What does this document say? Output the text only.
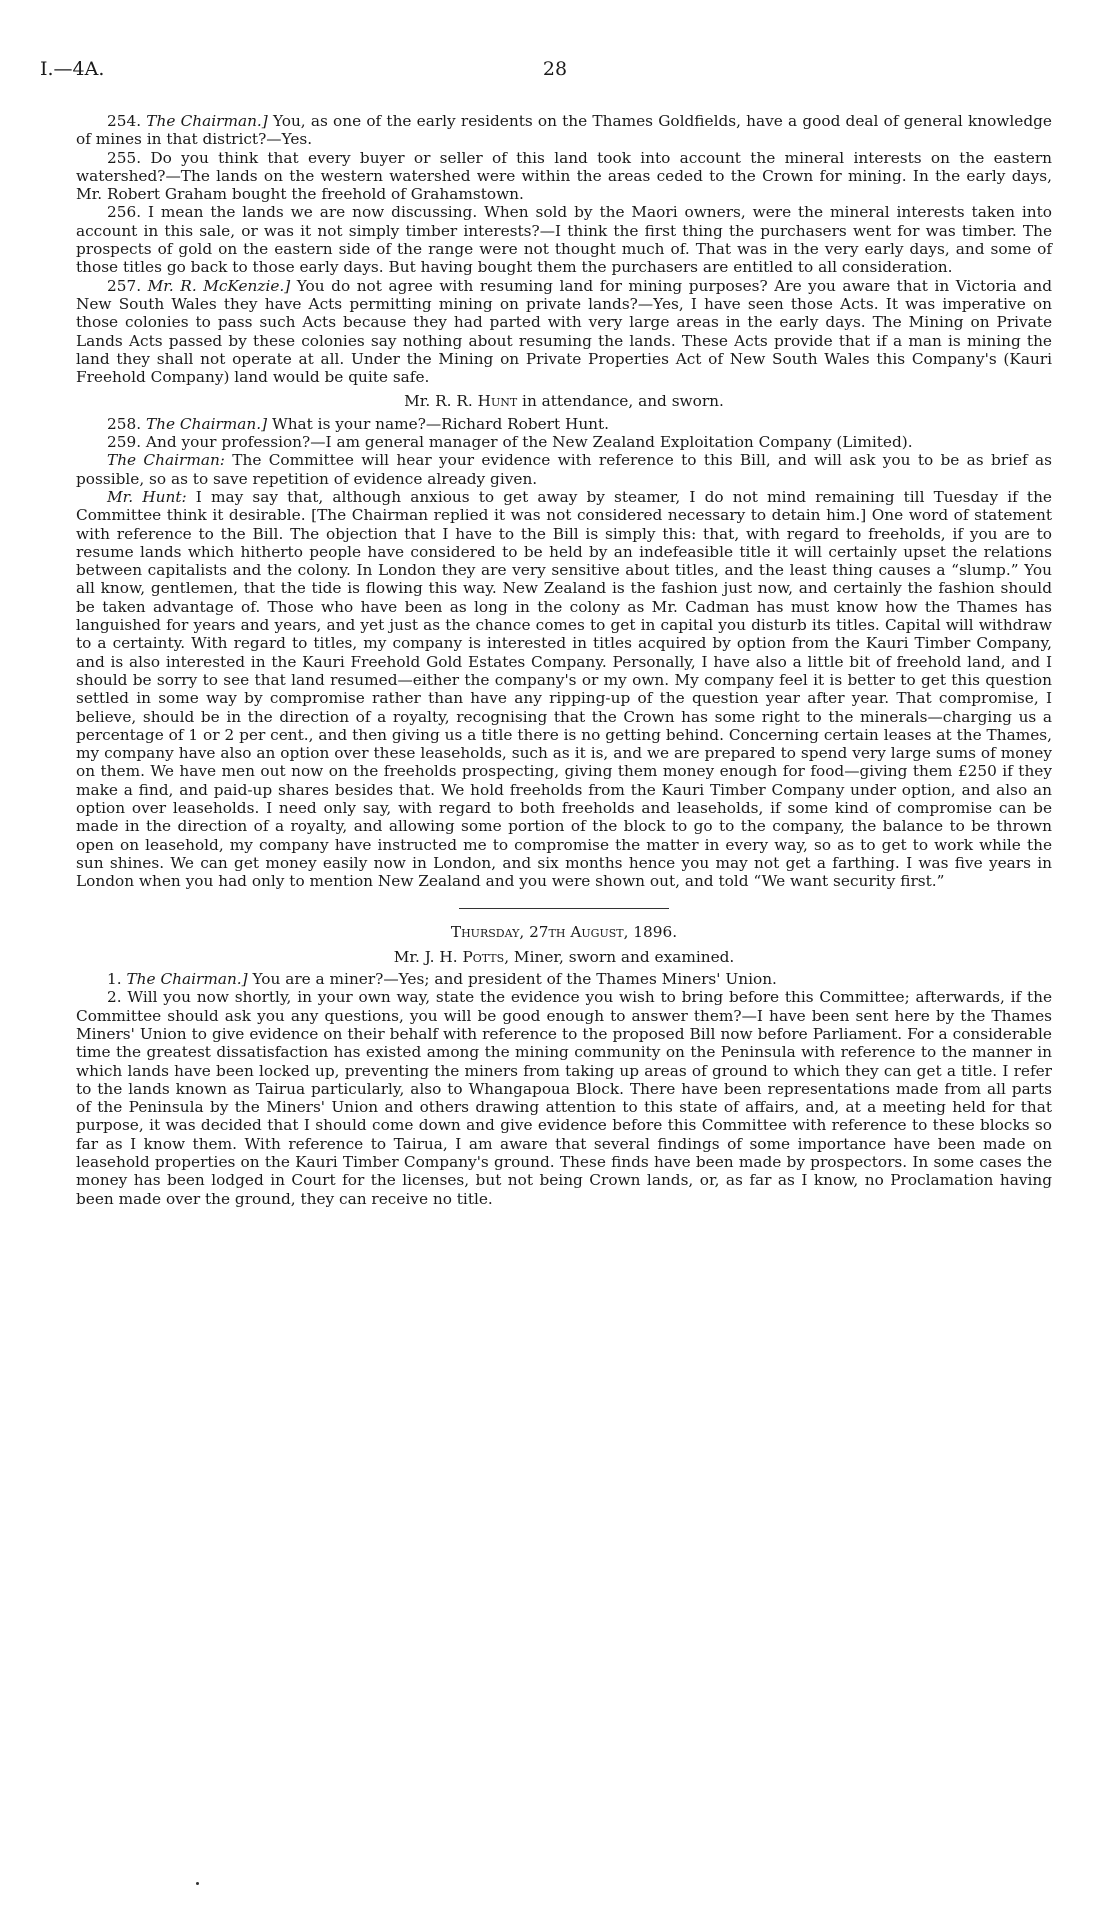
I.—4A.	28

254. The Chairman.] You, as one of the early residents on the Thames Goldfields, have a good deal of general knowledge of mines in that district?—Yes.

255. Do you think that every buyer or seller of this land took into account the mineral interests on the eastern watershed?—The lands on the western watershed were within the areas ceded to the Crown for mining. In the early days, Mr. Robert Graham bought the freehold of Grahamstown.

256. I mean the lands we are now discussing. When sold by the Maori owners, were the mineral interests taken into account in this sale, or was it not simply timber interests?—I think the first thing the purchasers went for was timber. The prospects of gold on the eastern side of the range were not thought much of. That was in the very early days, and some of those titles go back to those early days. But having bought them the purchasers are entitled to all consideration.

257. Mr. R. McKenzie.] You do not agree with resuming land for mining purposes? Are you aware that in Victoria and New South Wales they have Acts permitting mining on private lands?—Yes, I have seen those Acts. It was imperative on those colonies to pass such Acts because they had parted with very large areas in the early days. The Mining on Private Lands Acts passed by these colonies say nothing about resuming the lands. These Acts provide that if a man is mining the land they shall not operate at all. Under the Mining on Private Properties Act of New South Wales this Company's (Kauri Freehold Company) land would be quite safe.

Mr. R. R. Hunt in attendance, and sworn.

258. The Chairman.] What is your name?—Richard Robert Hunt.

259. And your profession?—I am general manager of the New Zealand Exploitation Company (Limited).

The Chairman: The Committee will hear your evidence with reference to this Bill, and will ask you to be as brief as possible, so as to save repetition of evidence already given.

Mr. Hunt: I may say that, although anxious to get away by steamer, I do not mind remaining till Tuesday if the Committee think it desirable. [The Chairman replied it was not considered necessary to detain him.] One word of statement with reference to the Bill. The objection that I have to the Bill is simply this: that, with regard to freeholds, if you are to resume lands which hitherto people have considered to be held by an indefeasible title it will certainly upset the relations between capitalists and the colony. In London they are very sensitive about titles, and the least thing causes a “slump.” You all know, gentlemen, that the tide is flowing this way. New Zealand is the fashion just now, and certainly the fashion should be taken advantage of. Those who have been as long in the colony as Mr. Cadman has must know how the Thames has languished for years and years, and yet just as the chance comes to get in capital you disturb its titles. Capital will withdraw to a certainty. With regard to titles, my company is interested in titles acquired by option from the Kauri Timber Company, and is also interested in the Kauri Freehold Gold Estates Company. Personally, I have also a little bit of freehold land, and I should be sorry to see that land resumed—either the company's or my own. My company feel it is better to get this question settled in some way by compromise rather than have any ripping-up of the question year after year. That compromise, I believe, should be in the direction of a royalty, recognising that the Crown has some right to the minerals—charging us a percentage of 1 or 2 per cent., and then giving us a title there is no getting behind. Concerning certain leases at the Thames, my company have also an option over these leaseholds, such as it is, and we are prepared to spend very large sums of money on them. We have men out now on the freeholds prospecting, giving them money enough for food—giving them £250 if they make a find, and paid-up shares besides that. We hold freeholds from the Kauri Timber Company under option, and also an option over leaseholds. I need only say, with regard to both freeholds and leaseholds, if some kind of compromise can be made in the direction of a royalty, and allowing some portion of the block to go to the company, the balance to be thrown open on leasehold, my company have instructed me to compromise the matter in every way, so as to get to work while the sun shines. We can get money easily now in London, and six months hence you may not get a farthing. I was five years in London when you had only to mention New Zealand and you were shown out, and told “We want security first.”

Thursday, 27th August, 1896.
Mr. J. H. Potts, Miner, sworn and examined.

1. The Chairman.] You are a miner?—Yes; and president of the Thames Miners' Union.

2. Will you now shortly, in your own way, state the evidence you wish to bring before this Committee; afterwards, if the Committee should ask you any questions, you will be good enough to answer them?—I have been sent here by the Thames Miners' Union to give evidence on their behalf with reference to the proposed Bill now before Parliament. For a considerable time the greatest dissatisfaction has existed among the mining community on the Peninsula with reference to the manner in which lands have been locked up, preventing the miners from taking up areas of ground to which they can get a title. I refer to the lands known as Tairua particularly, also to Whangapoua Block. There have been representations made from all parts of the Peninsula by the Miners' Union and others drawing attention to this state of affairs, and, at a meeting held for that purpose, it was decided that I should come down and give evidence before this Committee with reference to these blocks so far as I know them. With reference to Tairua, I am aware that several findings of some importance have been made on leasehold properties on the Kauri Timber Company's ground. These finds have been made by prospectors. In some cases the money has been lodged in Court for the licenses, but not being Crown lands, or, as far as I know, no Proclamation having been made over the ground, they can receive no title.
